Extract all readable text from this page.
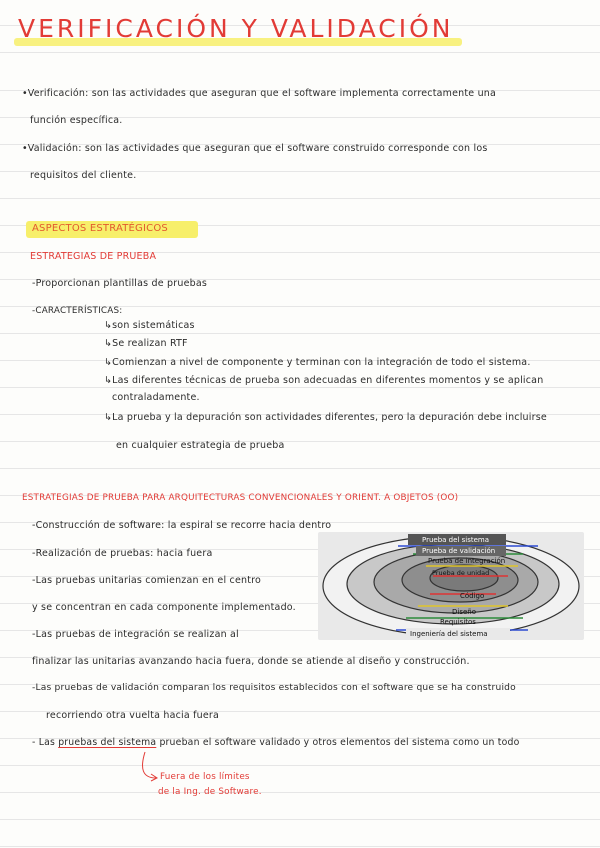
VERIFICACIÓN Y VALIDACIÓN
•Verificación: son las actividades que aseguran que el software implementa correctamente una
función específica.
•Validación: son las actividades que aseguran que el software construido corresponde con los
requisitos del cliente.
ASPECTOS ESTRATÉGICOS
ESTRATEGIAS DE PRUEBA
-Proporcionan plantillas de pruebas
-CARACTERÍSTICAS:
↳son sistemáticas
↳Se realizan RTF
↳Comienzan a nivel de componente y terminan con la integración de todo el sistema.
↳Las diferentes técnicas de prueba son adecuadas en diferentes momentos y se aplican
contraladamente.
↳La prueba y la depuración son actividades diferentes, pero la depuración debe incluirse
en cualquier estrategia de prueba
ESTRATEGIAS DE PRUEBA PARA ARQUITECTURAS CONVENCIONALES Y ORIENT. A OBJETOS (OO)
-Construcción de software: la espiral se recorre hacia dentro
-Realización de pruebas: hacia fuera
-Las pruebas unitarias comienzan en el centro
y se concentran en cada componente implementado.
-Las pruebas de integración se realizan al
finalizar las unitarias avanzando hacia fuera, donde se atiende al diseño y construcción.
-Las pruebas de validación comparan los requisitos establecidos con el software que se ha construido
recorriendo otra vuelta hacia fuera
- Las pruebas del sistema prueban el software validado y otros elementos del sistema como un todo
Fuera de los límites
de la Ing. de Software.
Prueba del sistema
Prueba de validación
Prueba de integración
Prueba de unidad
Código
Diseño
Requisitos
Ingeniería del sistema
